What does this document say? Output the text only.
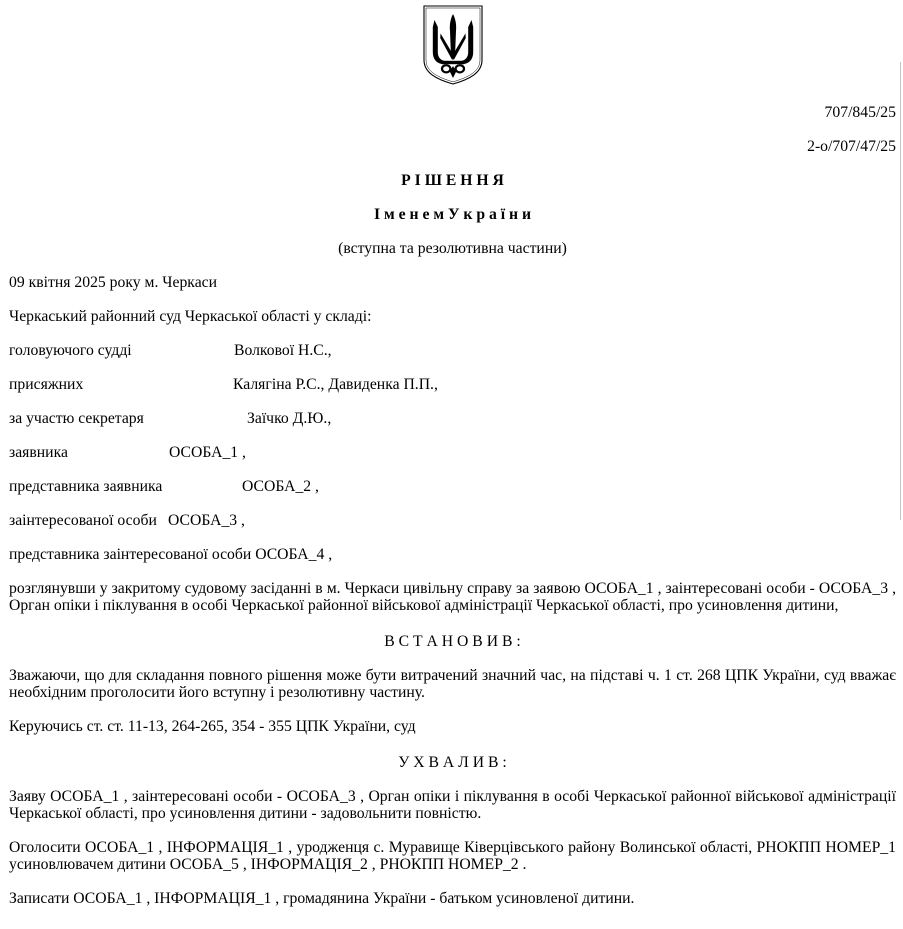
707/845/25
2-о/707/47/25
Р І Ш Е Н Н Я
І м е н е м У к р а ї н и
(вступна та резолютивна частини)
09 квітня 2025 року м. Черкаси
Черкаський районний суд Черкаської області у складі:
головуючого судді	Волкової Н.С.,
присяжних	Калягіна Р.С., Давиденка П.П.,
за участю секретаря	Заїчко Д.Ю.,
заявника	ОСОБА_1 ,
представника заявника	ОСОБА_2 ,
заінтересованої особи ОСОБА_3 ,
представника заінтересованої особи ОСОБА_4 ,
розглянувши у закритому судовому засіданні в м. Черкаси цивільну справу за заявою ОСОБА_1 , заінтересовані особи - ОСОБА_3 , Орган опіки і піклування в особі Черкаської районної військової адміністрації Черкаської області, про усиновлення дитини,
В С Т А Н О В И В :
Зважаючи, що для складання повного рішення може бути витрачений значний час, на підставі ч. 1 ст. 268 ЦПК України, суд вважає необхідним проголосити його вступну і резолютивну частину.
Керуючись ст. ст. 11-13, 264-265, 354 - 355 ЦПК України, суд
У Х В А Л И В :
Заяву ОСОБА_1 , заінтересовані особи - ОСОБА_3 , Орган опіки і піклування в особі Черкаської районної військової адміністрації Черкаської області, про усиновлення дитини - задовольнити повністю.
Оголосити ОСОБА_1 , ІНФОРМАЦІЯ_1 , уродженця с. Муравище Ківерцівського району Волинської області, РНОКПП НОМЕР_1 усиновлювачем дитини ОСОБА_5 , ІНФОРМАЦІЯ_2 , РНОКПП НОМЕР_2 .
Записати ОСОБА_1 , ІНФОРМАЦІЯ_1 , громадянина України - батьком усиновленої дитини.
